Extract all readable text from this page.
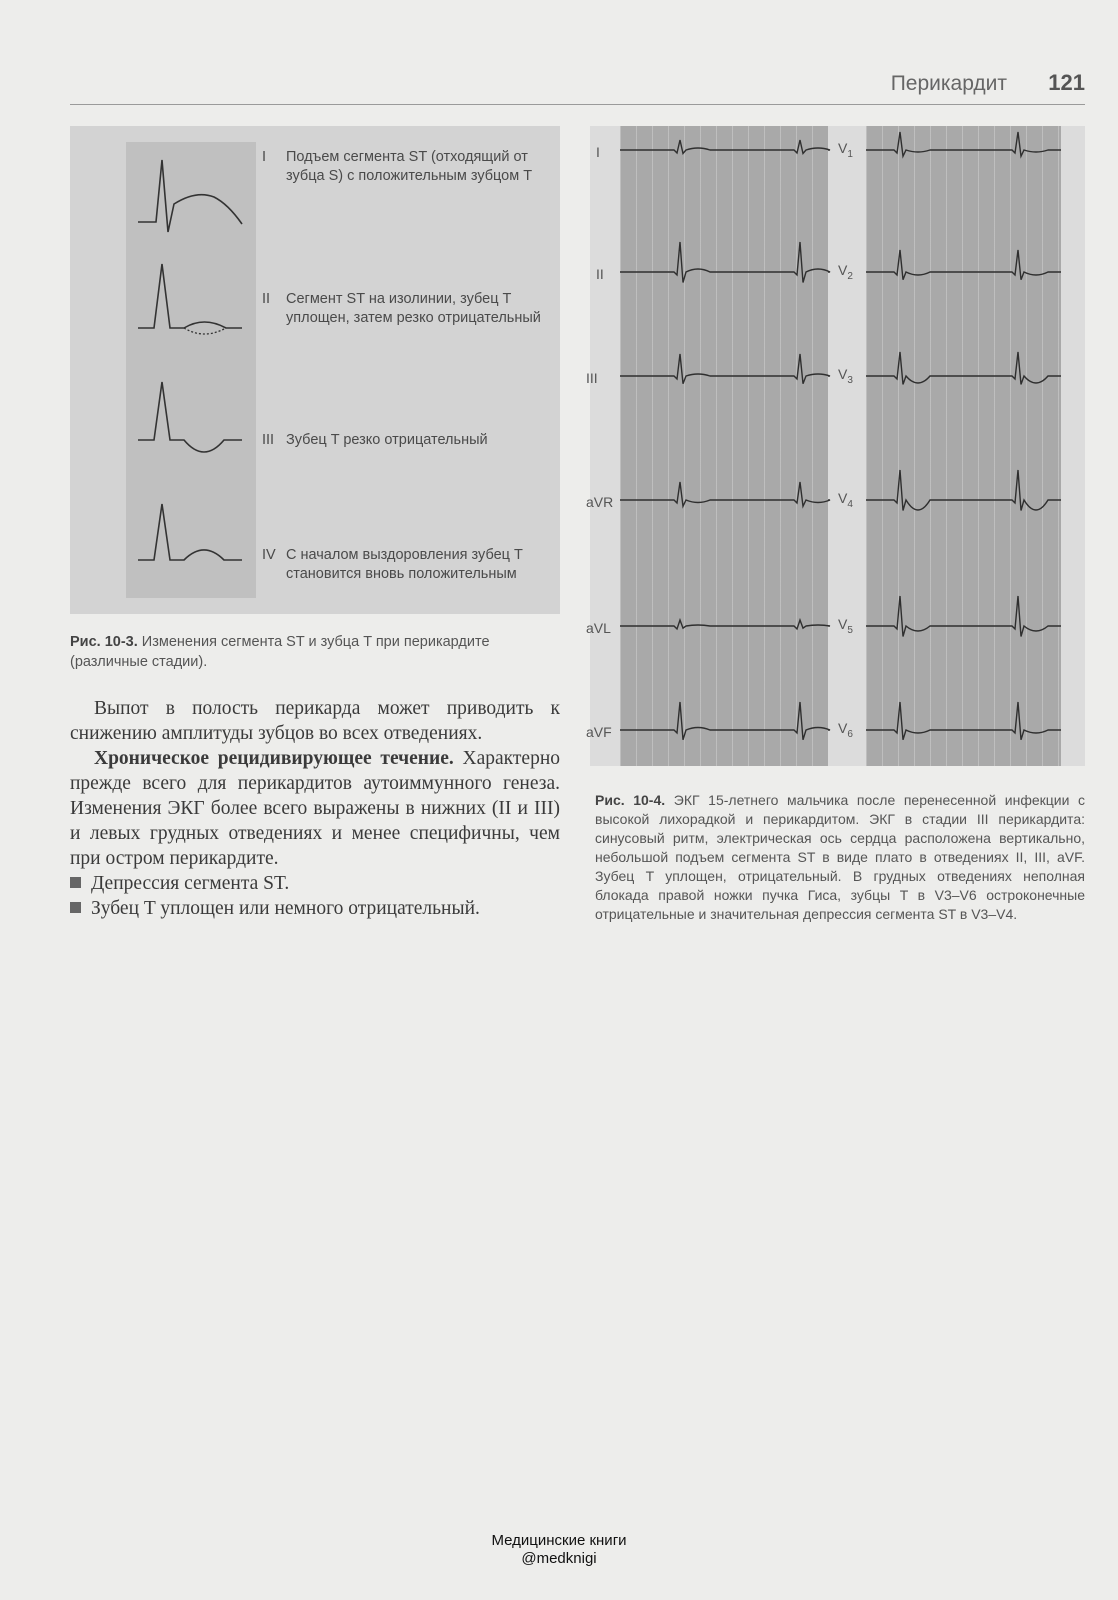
Перикардит 121
I Подъем сегмента ST (отходящий от зубца S) с положительным зубцом T
II Сегмент ST на изолинии, зубец T уплощен, затем резко отрицательный
III Зубец T резко отрицательный
IV С началом выздоровления зубец T становится вновь положительным
Рис. 10-3. Изменения сегмента ST и зубца T при перикардите (различные стадии).

Выпот в полость перикарда может приводить к снижению амплитуды зубцов во всех отведениях.

Хроническое рецидивирующее течение. Характерно прежде всего для перикардитов аутоиммунного генеза. Изменения ЭКГ более всего выражены в нижних (II и III) и левых грудных отведениях и менее специфичны, чем при остром перикардите.

Депрессия сегмента ST.

Зубец T уплощен или немного отрицательный.

I
II
III
aVR
aVL
aVF
$V_1$
$V_2$
$V_3$
$V_4$
$V_5$
$V_6$
Рис. 10-4. ЭКГ 15-летнего мальчика после перенесенной инфекции с высокой лихорадкой и перикардитом. ЭКГ в стадии III перикардита: синусовый ритм, электрическая ось сердца расположена вертикально, небольшой подъем сегмента ST в виде плато в отведениях II, III, aVF. Зубец T уплощен, отрицательный. В грудных отведениях неполная блокада правой ножки пучка Гиса, зубцы T в V3–V6 остроконечные отрицательные и значительная депрессия сегмента ST в V3–V4.
Медицинские книги
@medknigi
